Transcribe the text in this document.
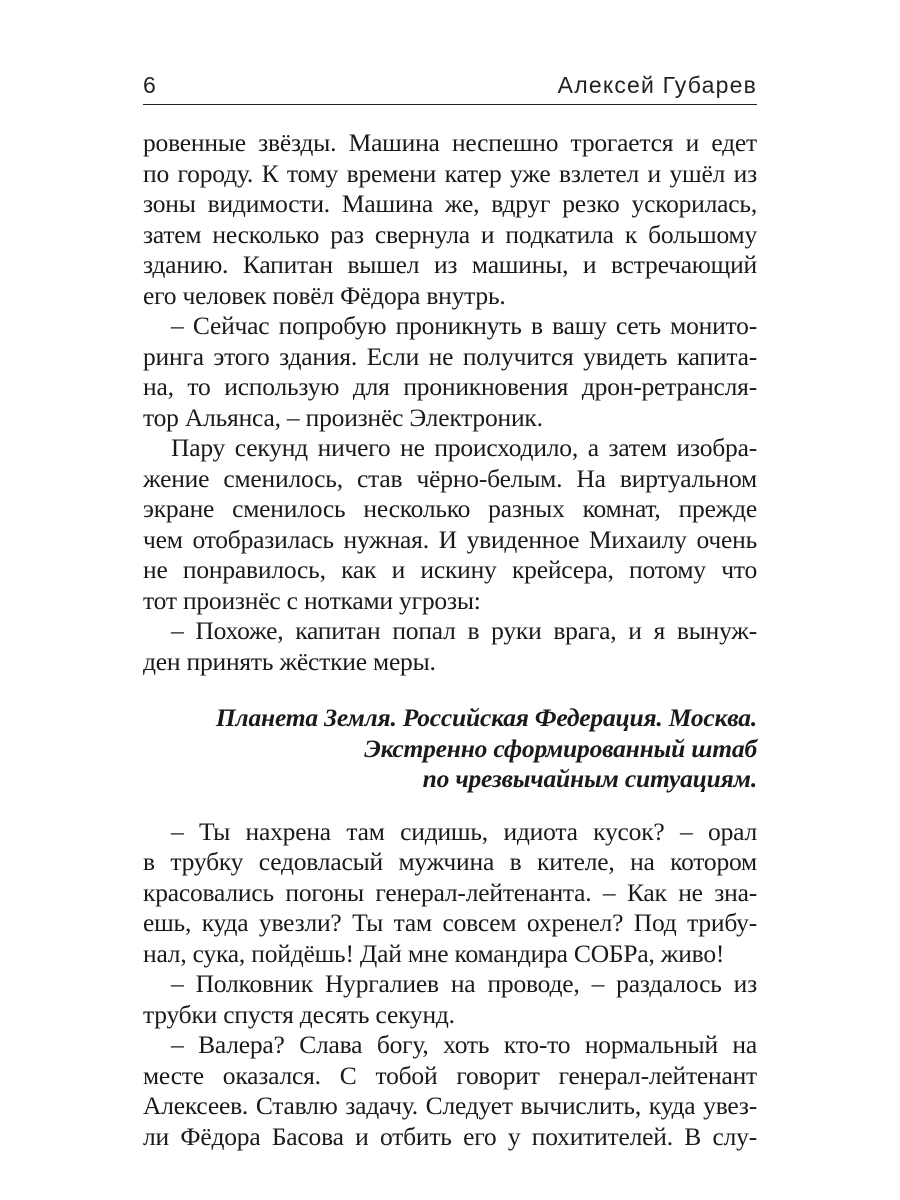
6	Алексей Губарев

ровенные звёзды. Машина неспешно трогается и едет
по городу. К тому времени катер уже взлетел и ушёл из
зоны видимости. Машина же, вдруг резко ускорилась,
затем несколько раз свернула и подкатила к большому
зданию. Капитан вышел из машины, и встречающий
его человек повёл Фёдора внутрь.

– Сейчас попробую проникнуть в вашу сеть монито-
ринга этого здания. Если не получится увидеть капита-
на, то использую для проникновения дрон-ретрансля-
тор Альянса, – произнёс Электроник.

Пару секунд ничего не происходило, а затем изобра-
жение сменилось, став чёрно-белым. На виртуальном
экране сменилось несколько разных комнат, прежде
чем отобразилась нужная. И увиденное Михаилу очень
не понравилось, как и искину крейсера, потому что
тот произнёс с нотками угрозы:

– Похоже, капитан попал в руки врага, и я вынуж-
ден принять жёсткие меры.

Планета Земля. Российская Федерация. Москва.
Экстренно сформированный штаб
по чрезвычайным ситуациям.

– Ты нахрена там сидишь, идиота кусок? – орал
в трубку седовласый мужчина в кителе, на котором
красовались погоны генерал-лейтенанта. – Как не зна-
ешь, куда увезли? Ты там совсем охренел? Под трибу-
нал, сука, пойдёшь! Дай мне командира СОБРа, живо!

– Полковник Нургалиев на проводе, – раздалось из
трубки спустя десять секунд.

– Валера? Слава богу, хоть кто-то нормальный на
месте оказался. С тобой говорит генерал-лейтенант
Алексеев. Ставлю задачу. Следует вычислить, куда увез-
ли Фёдора Басова и отбить его у похитителей. В слу-
